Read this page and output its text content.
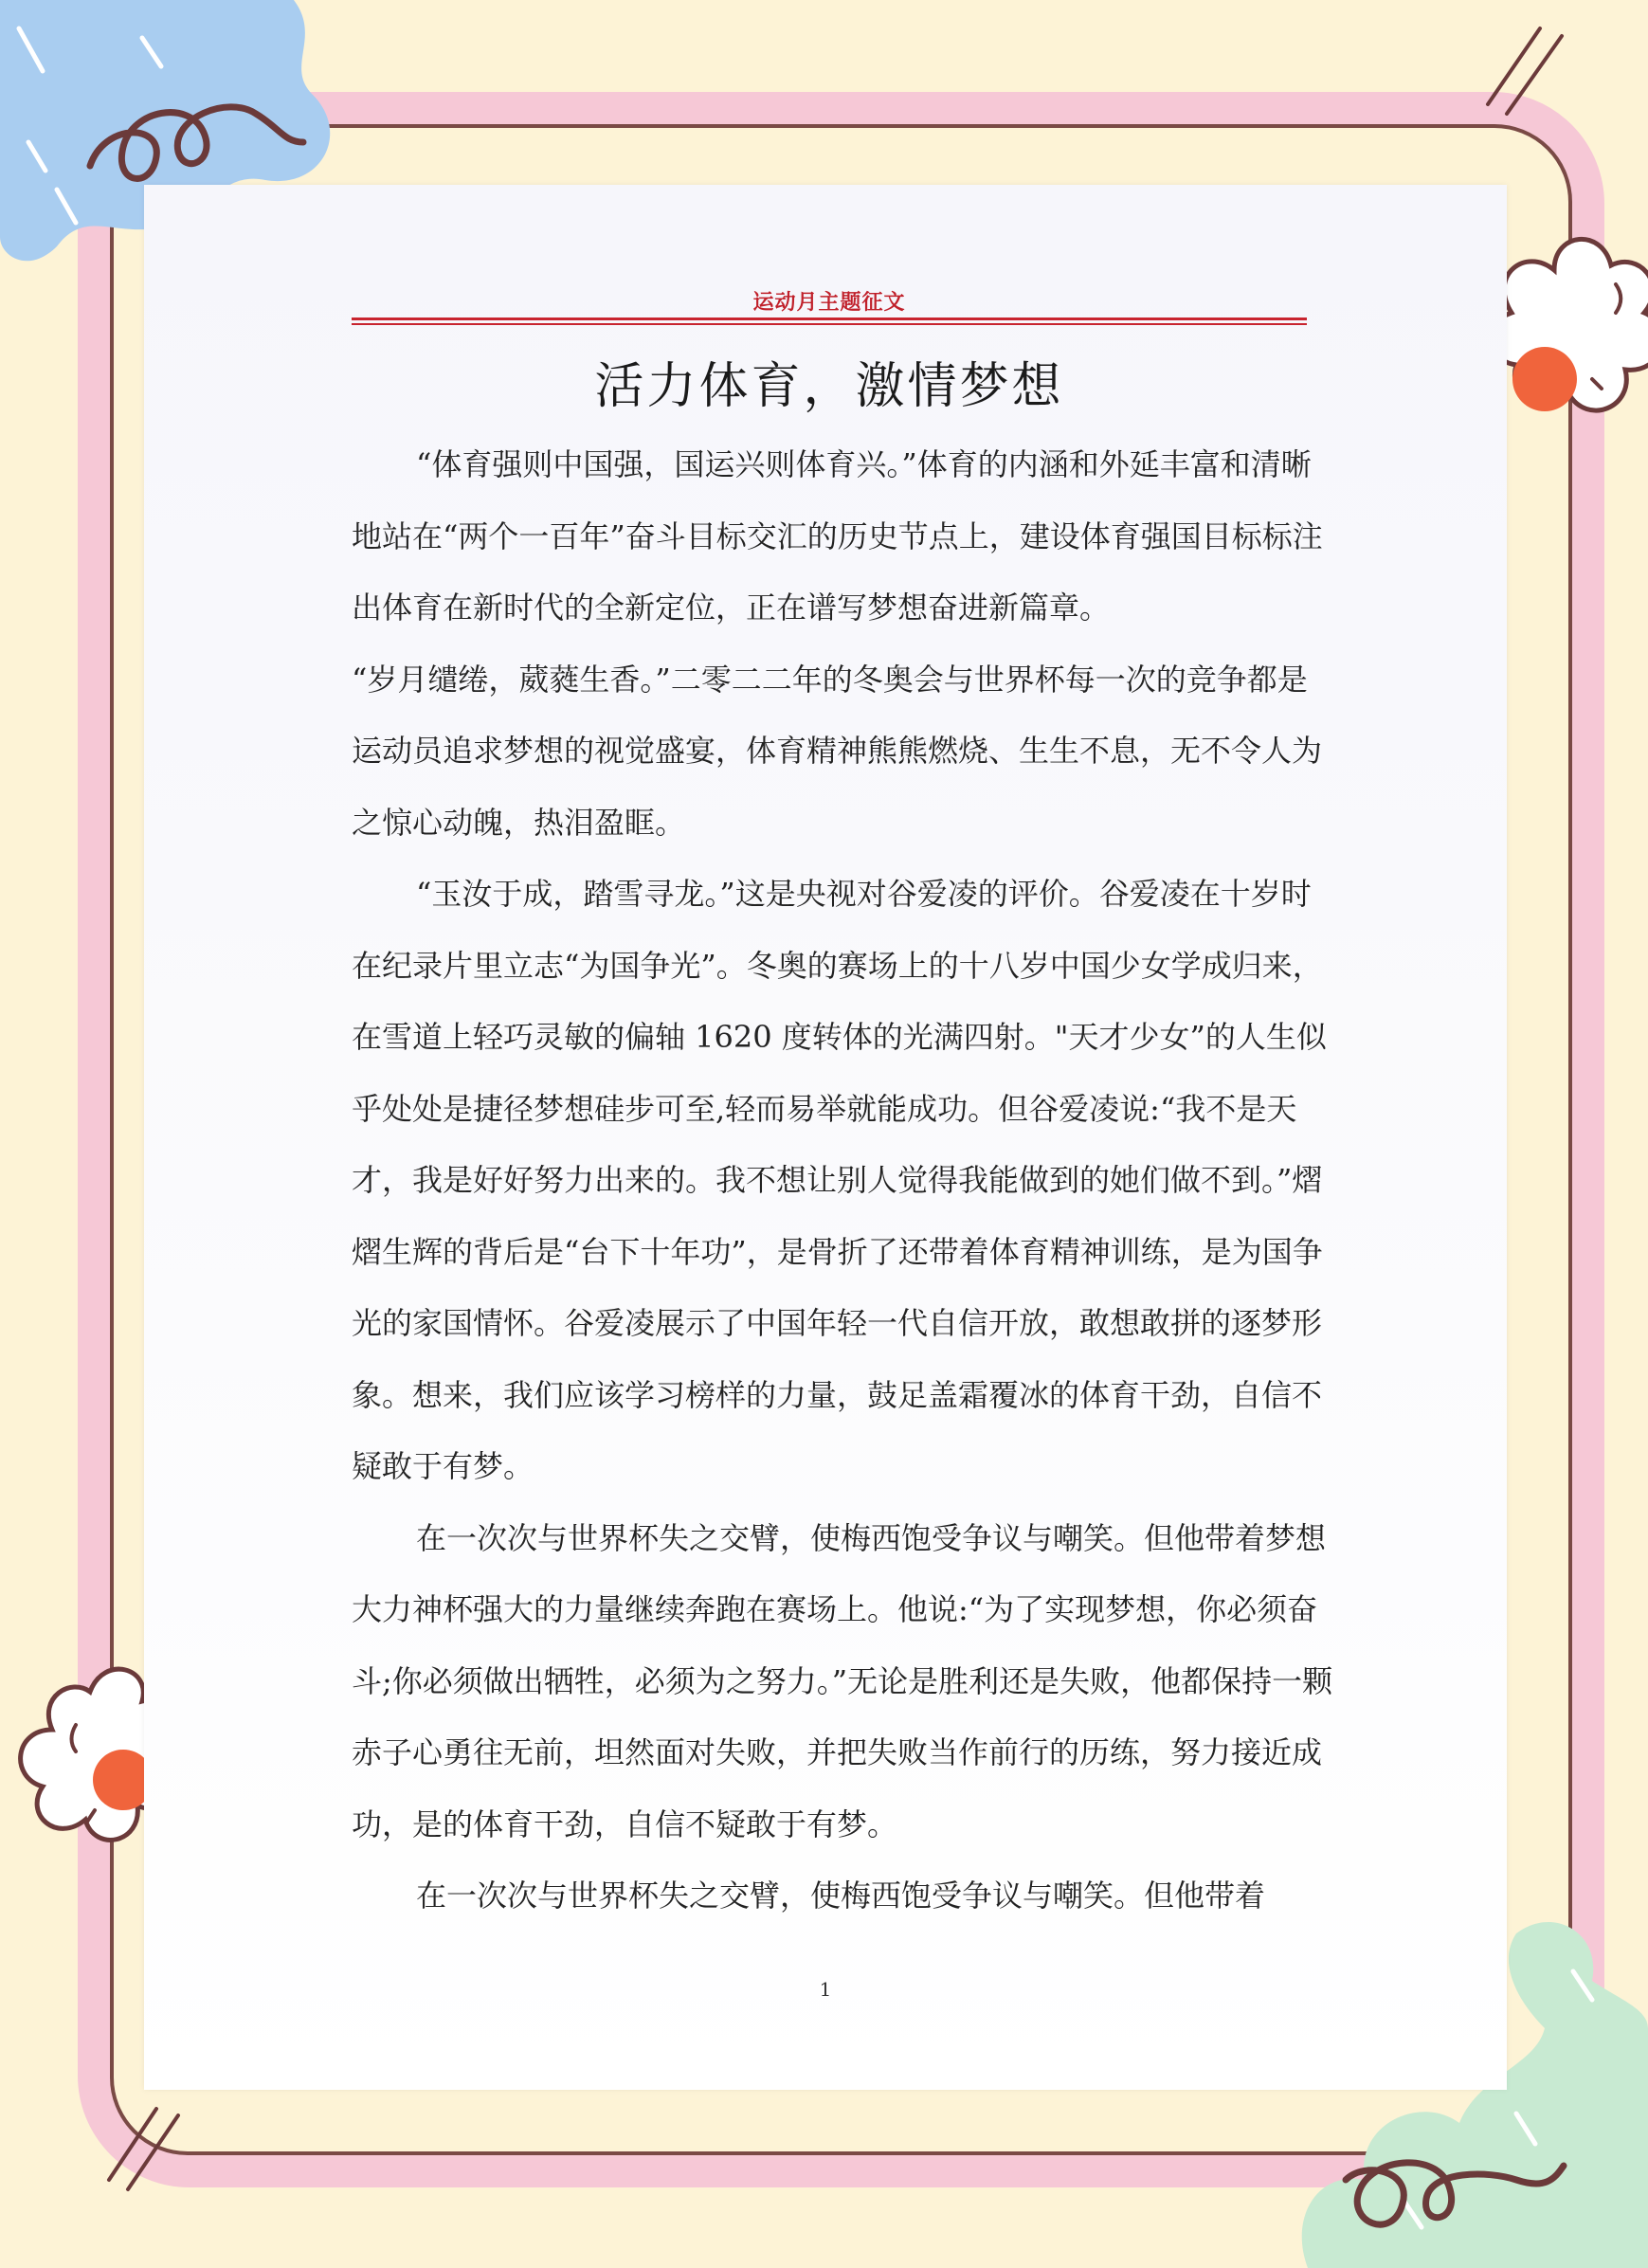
运动月主题征文
活力体育，激情梦想

“体育强则中国强，国运兴则体育兴。”体育的内涵和外延丰富和清晰地站在“两个一百年”奋斗目标交汇的历史节点上，建设体育强国目标标注出体育在新时代的全新定位，正在谱写梦想奋进新篇章。

“岁月缱绻，葳蕤生香。”二零二二年的冬奥会与世界杯每一次的竞争都是运动员追求梦想的视觉盛宴，体育精神熊熊燃烧、生生不息，无不令人为之惊心动魄，热泪盈眶。

“玉汝于成，踏雪寻龙。”这是央视对谷爱凌的评价。谷爱凌在十岁时在纪录片里立志“为国争光”。冬奥的赛场上的十八岁中国少女学成归来，在雪道上轻巧灵敏的偏轴 1620 度转体的光满四射。"天才少女”的人生似乎处处是捷径梦想硅步可至,轻而易举就能成功。但谷爱凌说:“我不是天才，我是好好努力出来的。我不想让别人觉得我能做到的她们做不到。”熠熠生辉的背后是“台下十年功”，是骨折了还带着体育精神训练，是为国争光的家国情怀。谷爱凌展示了中国年轻一代自信开放，敢想敢拼的逐梦形象。想来，我们应该学习榜样的力量，鼓足盖霜覆冰的体育干劲，自信不疑敢于有梦。

在一次次与世界杯失之交臂，使梅西饱受争议与嘲笑。但他带着梦想大力神杯强大的力量继续奔跑在赛场上。他说:“为了实现梦想，你必须奋斗;你必须做出牺牲，必须为之努力。”无论是胜利还是失败，他都保持一颗赤子心勇往无前，坦然面对失败，并把失败当作前行的历练，努力接近成功，是的体育干劲，自信不疑敢于有梦。

在一次次与世界杯失之交臂，使梅西饱受争议与嘲笑。但他带着

1
